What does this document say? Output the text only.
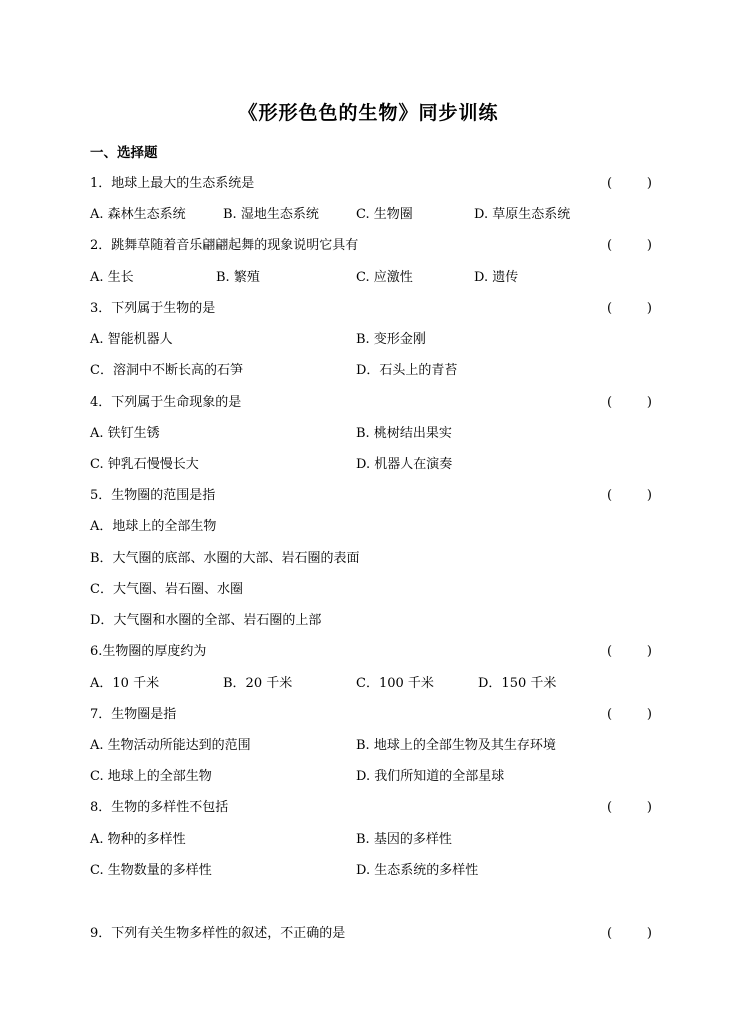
《形形色色的生物》同步训练
一、选择题
1．地球上最大的生态系统是	(	)
A. 森林生态系统	B. 湿地生态系统	C. 生物圈	D. 草原生态系统
2．跳舞草随着音乐翩翩起舞的现象说明它具有	(	)
A. 生长	B. 繁殖	C. 应激性	D. 遗传
3．下列属于生物的是	(	)
A. 智能机器人	B. 变形金刚
C．溶洞中不断长高的石笋	D．石头上的青苔
4．下列属于生命现象的是	(	)
A. 铁钉生锈	B. 桃树结出果实
C. 钟乳石慢慢长大	D. 机器人在演奏
5．生物圈的范围是指	(	)
A．地球上的全部生物
B．大气圈的底部、水圈的大部、岩石圈的表面
C．大气圈、岩石圈、水圈
D．大气圈和水圈的全部、岩石圈的上部
6.生物圈的厚度约为	(	)
A．10 千米	B．20 千米	C．100 千米	D．150 千米
7．生物圈是指	(	)
A. 生物活动所能达到的范围	B. 地球上的全部生物及其生存环境
C. 地球上的全部生物	D. 我们所知道的全部星球
8．生物的多样性不包括	(	)
A. 物种的多样性	B. 基因的多样性
C. 生物数量的多样性	D. 生态系统的多样性
9．下列有关生物多样性的叙述，不正确的是	(	)
